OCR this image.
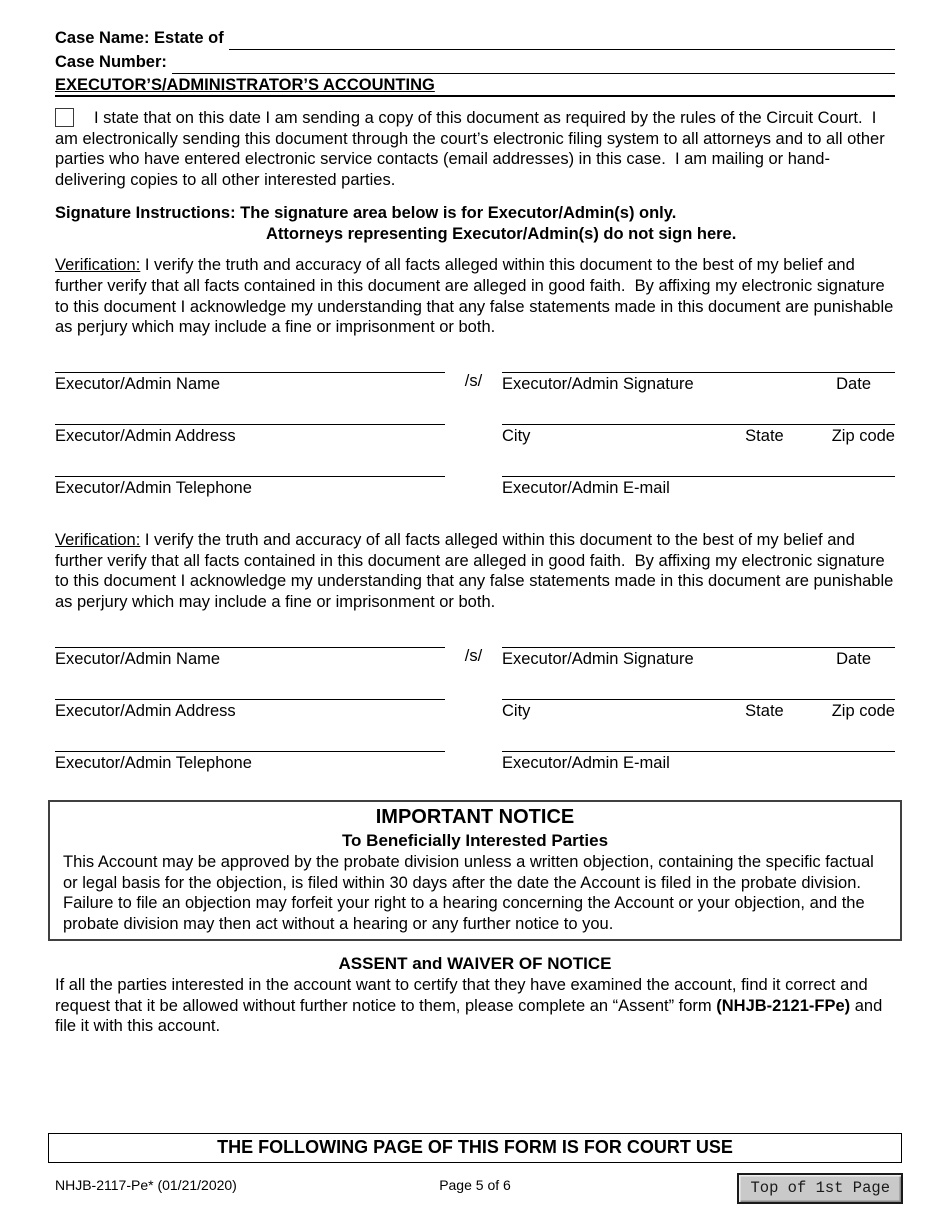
Case Name: Estate of
Case Number:
EXECUTOR’S/ADMINISTRATOR’S ACCOUNTING
I state that on this date I am sending a copy of this document as required by the rules of the Circuit Court.  I am electronically sending this document through the court’s electronic filing system to all attorneys and to all other parties who have entered electronic service contacts (email addresses) in this case.  I am mailing or hand-delivering copies to all other interested parties.
Signature Instructions: The signature area below is for Executor/Admin(s) only.
Attorneys representing Executor/Admin(s) do not sign here.
Verification: I verify the truth and accuracy of all facts alleged within this document to the best of my belief and further verify that all facts contained in this document are alleged in good faith.  By affixing my electronic signature to this document I acknowledge my understanding that any false statements made in this document are punishable as perjury which may include a fine or imprisonment or both.
Executor/Admin Name	/s/	Executor/Admin Signature	Date
Executor/Admin Address	City	State	Zip code
Executor/Admin Telephone	Executor/Admin E-mail
Verification: I verify the truth and accuracy of all facts alleged within this document to the best of my belief and further verify that all facts contained in this document are alleged in good faith.  By affixing my electronic signature to this document I acknowledge my understanding that any false statements made in this document are punishable as perjury which may include a fine or imprisonment or both.
Executor/Admin Name	/s/	Executor/Admin Signature	Date
Executor/Admin Address	City	State	Zip code
Executor/Admin Telephone	Executor/Admin E-mail
IMPORTANT NOTICE
To Beneficially Interested Parties
This Account may be approved by the probate division unless a written objection, containing the specific factual or legal basis for the objection, is filed within 30 days after the date the Account is filed in the probate division.  Failure to file an objection may forfeit your right to a hearing concerning the Account or your objection, and the probate division may then act without a hearing or any further notice to you.
ASSENT and WAIVER OF NOTICE
If all the parties interested in the account want to certify that they have examined the account, find it correct and request that it be allowed without further notice to them, please complete an “Assent” form (NHJB-2121-FPe) and file it with this account.
THE FOLLOWING PAGE OF THIS FORM IS FOR COURT USE
NHJB-2117-Pe* (01/21/2020)	Page 5 of 6	Top of 1st Page
